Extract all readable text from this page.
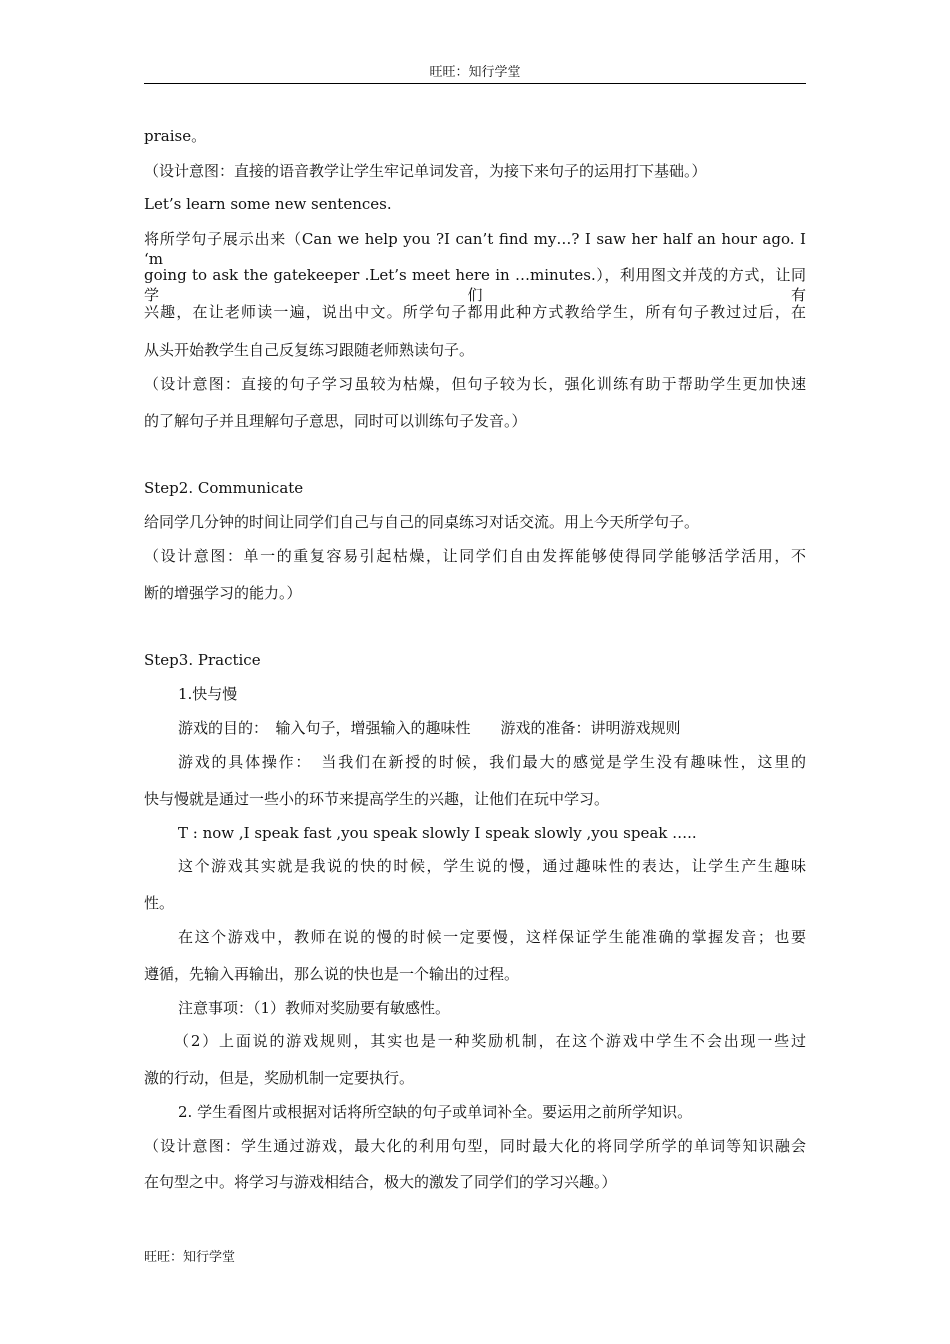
旺旺：知行学堂
praise。
（设计意图：直接的语音教学让学生牢记单词发音，为接下来句子的运用打下基础。）
Let’s learn some new sentences.
将所学句子展示出来（Can we help you ?I can’t find my…? I saw her half an hour ago. I ‘m
going to ask the gatekeeper .Let’s meet here in …minutes.），利用图文并茂的方式，让同学们有
兴趣，在让老师读一遍，说出中文。所学句子都用此种方式教给学生，所有句子教过过后，在
从头开始教学生自己反复练习跟随老师熟读句子。
（设计意图：直接的句子学习虽较为枯燥，但句子较为长，强化训练有助于帮助学生更加快速
的了解句子并且理解句子意思，同时可以训练句子发音。）
Step2. Communicate
给同学几分钟的时间让同学们自己与自己的同桌练习对话交流。用上今天所学句子。
（设计意图：单一的重复容易引起枯燥，让同学们自由发挥能够使得同学能够活学活用，不
断的增强学习的能力。）
Step3. Practice
1.快与慢
游戏的目的：　输入句子，增强输入的趣味性　　游戏的准备：讲明游戏规则
游戏的具体操作：　当我们在新授的时候，我们最大的感觉是学生没有趣味性，这里的
快与慢就是通过一些小的环节来提高学生的兴趣，让他们在玩中学习。
T : now ,I speak fast ,you speak slowly I speak slowly ,you speak …..
这个游戏其实就是我说的快的时候，学生说的慢，通过趣味性的表达，让学生产生趣味
性。
在这个游戏中，教师在说的慢的时候一定要慢，这样保证学生能准确的掌握发音；也要
遵循，先输入再输出，那么说的快也是一个输出的过程。
注意事项：（1）教师对奖励要有敏感性。
（2）上面说的游戏规则，其实也是一种奖励机制，在这个游戏中学生不会出现一些过
激的行动，但是，奖励机制一定要执行。
2. 学生看图片或根据对话将所空缺的句子或单词补全。要运用之前所学知识。
（设计意图：学生通过游戏，最大化的利用句型，同时最大化的将同学所学的单词等知识融会
在句型之中。将学习与游戏相结合，极大的激发了同学们的学习兴趣。）
旺旺：知行学堂
